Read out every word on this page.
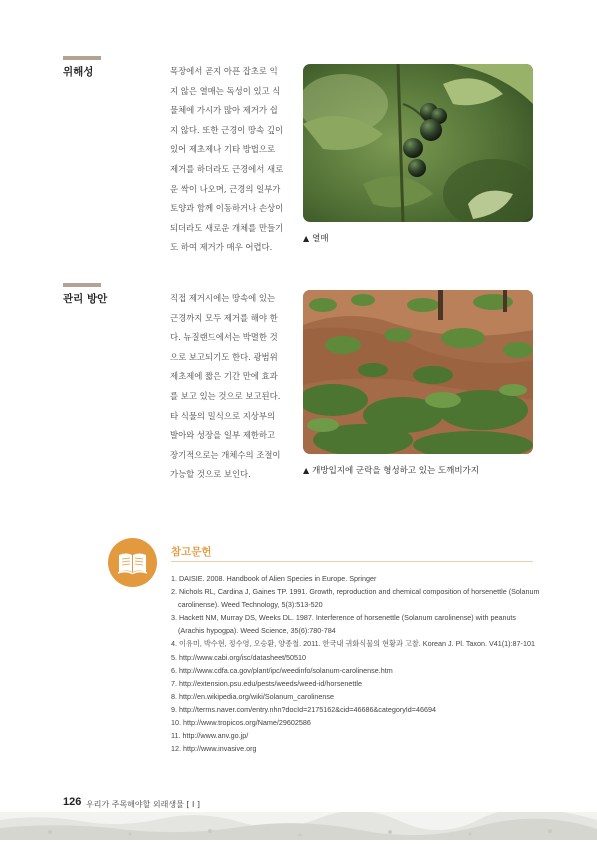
위해성	목장에서 곧지 아픈 잡초로 익
지 않은 열매는 독성이 있고 식
물체에 가시가 많아 제거가 쉽
지 않다. 또한 근경이 땅속 깊이
있어 제초제나 기타 방법으로
제거를 하더라도 근경에서 새로
운 싹이 나오며, 근경의 일부가
토양과 함께 이동하거나 손상이
되더라도 새로운 개체를 만들기
도 하여 제거가 매우 어렵다.
▲ 열매
관리 방안	직접 제거시에는 땅속에 있는
근경까지 모두 제거를 해야 한
다. 뉴질랜드에서는 박멸한 것
으로 보고되기도 한다. 광범위
제초제에 짧은 기간 만에 효과
를 보고 있는 것으로 보고된다.
타 식물의 밀식으로 지상부의
발아와 성장을 일부 제한하고
장기적으로는 개체수의 조절이
가능할 것으로 보인다.	▲ 개방입지에 군락을 형성하고 있는 도깨비가지
참고문헌
1. DAISIE. 2008. Handbook of Alien Species in Europe. Springer
2. Nichols RL, Cardina J, Gaines TP. 1991. Growth, reproduction and chemical composition of horsenettle (Solanum
carolinense). Weed Technology, 5(3):513-520
3. Hackett NM, Murray DS, Weeks DL. 1987. Interference of horsenettle (Solanum carolinense) with peanuts
(Arachis hypogpa). Weed Science, 35(6):780-784
4. 이유미, 박수현, 정수영, 오승환, 양종철. 2011. 한국내 귀화식물의 현황과 고찰. Korean J. Pl. Taxon. V41(1):87-101
5. http://www.cabi.org/isc/datasheet/50510
6. http://www.cdfa.ca.gov/plant/ipc/weedinfo/solanum-carolinense.htm
7. http://extension.psu.edu/pests/weeds/weed-id/horsenettle
8. http://en.wikipedia.org/wiki/Solanum_carolinense
9. http://terms.naver.com/entry.nhn?docId=2175162&cid=46686&categoryId=46694
10. http://www.tropicos.org/Name/29602586
11. http://www.anv.go.jp/
12. http://www.invasive.org
126 우리가 주목해야할 외래생물 [ I ]
